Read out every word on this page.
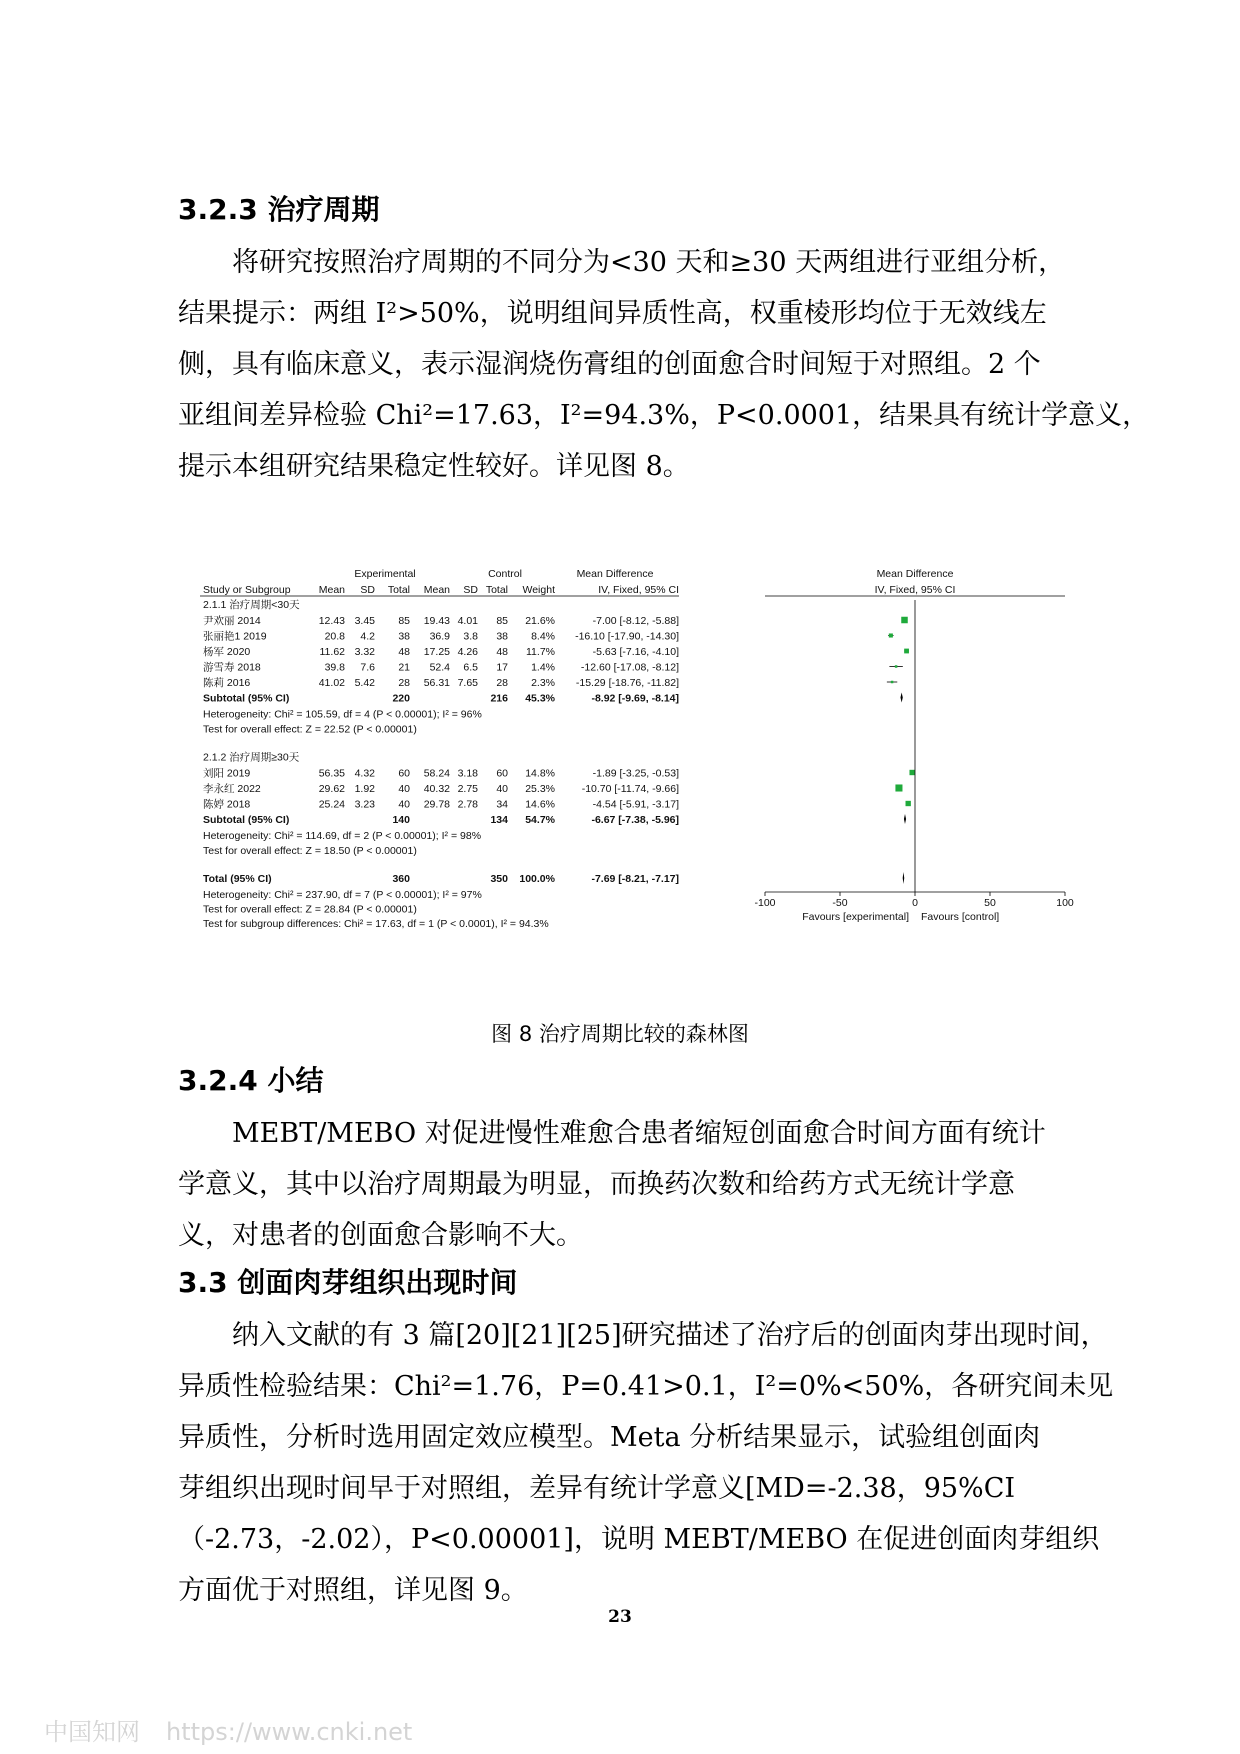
3.2.3 治疗周期
将研究按照治疗周期的不同分为<30 天和≥30 天两组进行亚组分析，
结果提示：两组 I²>50%，说明组间异质性高，权重棱形均位于无效线左
侧，具有临床意义，表示湿润烧伤膏组的创面愈合时间短于对照组。2 个
亚组间差异检验 Chi²=17.63，I²=94.3%，P<0.0001，结果具有统计学意义，
提示本组研究结果稳定性较好。详见图 8。
Experimental	Control	Mean Difference	Mean Difference
Study or Subgroup	Mean SD Total Mean SD Total Weight	IV, Fixed, 95% CI	IV, Fixed, 95% CI
2.1.1 治疗周期<30天
尹欢丽 2014	12.43 3.45 85 19.43 4.01 85 21.6%	-7.00 [-8.12, -5.88]
张丽艳1 2019	20.8 4.2 38 36.9 3.8 38 8.4% -16.10 [-17.90, -14.30]
杨军 2020	11.62 3.32 48 17.25 4.26 48 11.7%	-5.63 [-7.16, -4.10]
游雪寿 2018	39.8 7.6 21 52.4 6.5 17 1.4% -12.60 [-17.08, -8.12]
陈莉 2016	41.02 5.42 28 56.31 7.65 28 2.3% -15.29 [-18.76, -11.82]
Subtotal (95% CI)	220	216 45.3%	-8.92 [-9.69, -8.14]
Heterogeneity: Chi² = 105.59, df = 4 (P < 0.00001); I² = 96%
Test for overall effect: Z = 22.52 (P < 0.00001)
2.1.2 治疗周期≥30天
刘阳 2019	56.35 4.32 60 58.24 3.18 60 14.8%	-1.89 [-3.25, -0.53]
李永红 2022	29.62 1.92 40 40.32 2.75 40 25.3%	-10.70 [-11.74, -9.66]
陈婷 2018	25.24 3.23 40 29.78 2.78 34 14.6%	-4.54 [-5.91, -3.17]
Subtotal (95% CI)	140	134 54.7%	-6.67 [-7.38, -5.96]
Heterogeneity: Chi² = 114.69, df = 2 (P < 0.00001); I² = 98%
Test for overall effect: Z = 18.50 (P < 0.00001)
Total (95% CI)	360	350 100.0%	-7.69 [-8.21, -7.17]
Heterogeneity: Chi² = 237.90, df = 7 (P < 0.00001); I² = 97%
Test for overall effect: Z = 28.84 (P < 0.00001)
Test for subgroup differences: Chi² = 17.63, df = 1 (P < 0.0001), I² = 94.3%
-100	-50	0	50	100
Favours [experimental] Favours [control]
图 8 治疗周期比较的森林图
3.2.4 小结
MEBT/MEBO 对促进慢性难愈合患者缩短创面愈合时间方面有统计
学意义，其中以治疗周期最为明显，而换药次数和给药方式无统计学意
义，对患者的创面愈合影响不大。
3.3 创面肉芽组织出现时间
纳入文献的有 3 篇[20][21][25]研究描述了治疗后的创面肉芽出现时间，
异质性检验结果：Chi²=1.76，P=0.41>0.1，I²=0%<50%，各研究间未见
异质性，分析时选用固定效应模型。Meta 分析结果显示，试验组创面肉
芽组织出现时间早于对照组，差异有统计学意义[MD=-2.38，95%CI
（-2.73，-2.02），P<0.00001]，说明 MEBT/MEBO 在促进创面肉芽组织
方面优于对照组，详见图 9。
23
中国知网 https://www.cnki.net
